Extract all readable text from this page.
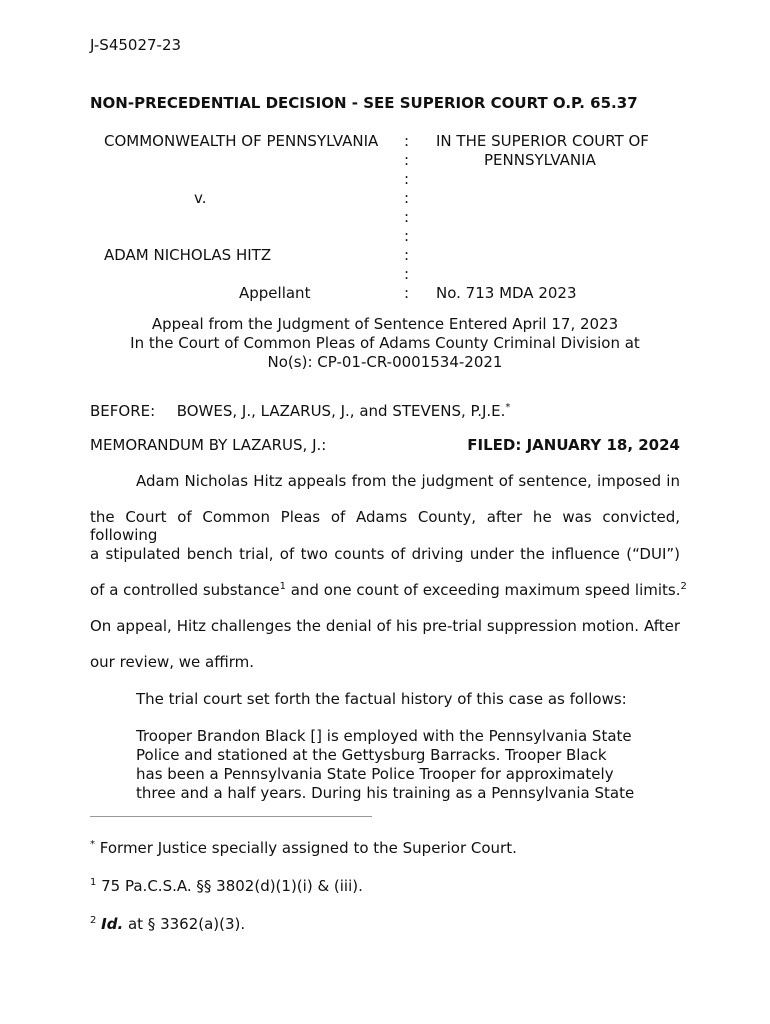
J-S45027-23
NON-PRECEDENTIAL DECISION - SEE SUPERIOR COURT O.P. 65.37
COMMONWEALTH OF PENNSYLVANIA
v.
ADAM NICHOLAS HITZ
Appellant
:
:
:
:
:
:
:
:
:
IN THE SUPERIOR COURT OF
PENNSYLVANIA
No. 713 MDA 2023
Appeal from the Judgment of Sentence Entered April 17, 2023
In the Court of Common Pleas of Adams County Criminal Division at
No(s): CP-01-CR-0001534-2021
BEFORE: BOWES, J., LAZARUS, J., and STEVENS, P.J.E.*
MEMORANDUM BY LAZARUS, J.:	FILED: JANUARY 18, 2024
Adam Nicholas Hitz appeals from the judgment of sentence, imposed in
the Court of Common Pleas of Adams County, after he was convicted, following
a stipulated bench trial, of two counts of driving under the influence (“DUI”)
of a controlled substance$^1$ and one count of exceeding maximum speed limits.$^2$
On appeal, Hitz challenges the denial of his pre-trial suppression motion. After
our review, we affirm.
The trial court set forth the factual history of this case as follows:
Trooper Brandon Black [] is employed with the Pennsylvania State
Police and stationed at the Gettysburg Barracks. Trooper Black
has been a Pennsylvania State Police Trooper for approximately
three and a half years. During his training as a Pennsylvania State
* Former Justice specially assigned to the Superior Court.
$^1$ 75 Pa.C.S.A. §§ 3802(d)(1)(i) & (iii).
$^2$ Id. at § 3362(a)(3).
